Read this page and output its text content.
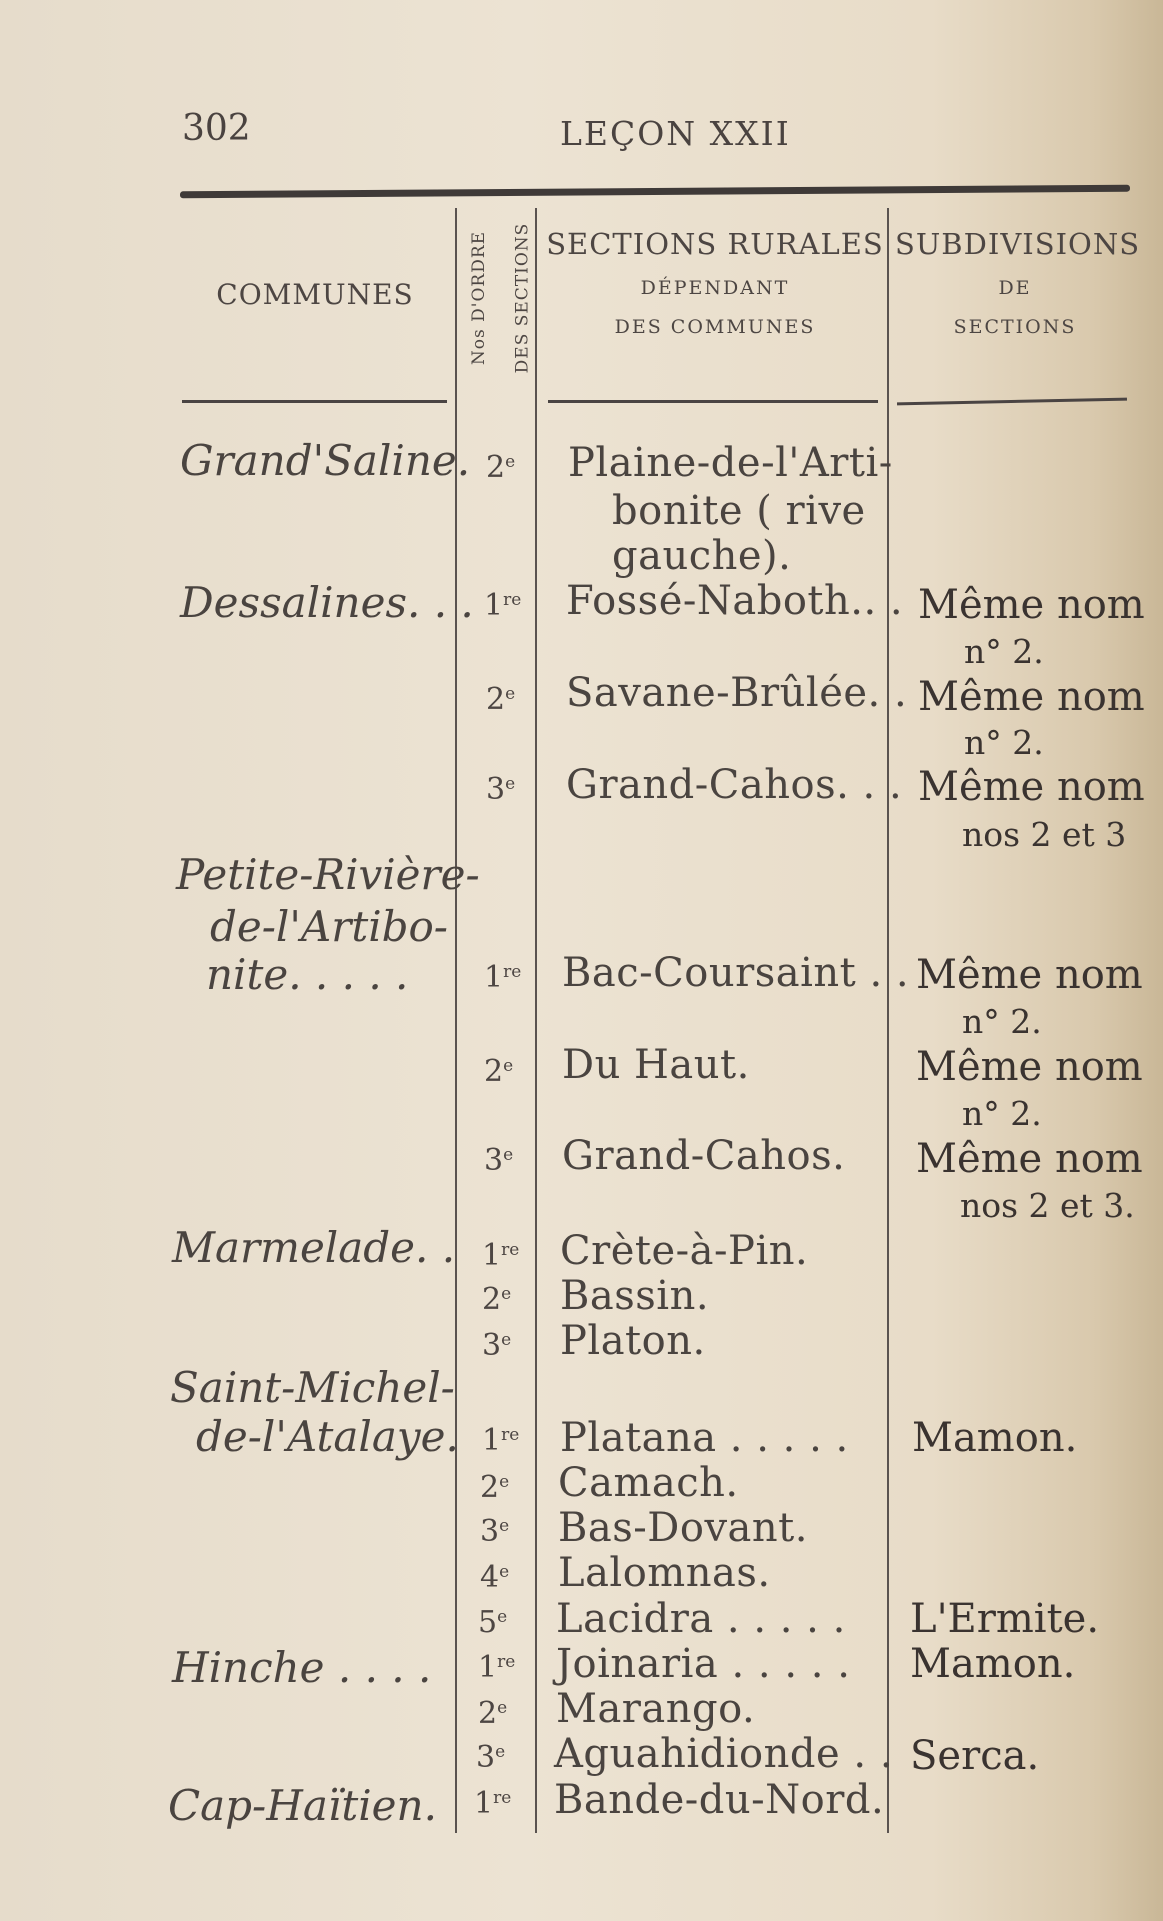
302	LEÇON XXII
COMMUNES	Nos D'ORDRE DES SECTIONS SECTIONS RURALES
DÉPENDANT
DES COMMUNES
SUBDIVISIONS
DE
SECTIONS
Grand'Saline.
Dessalines. . .
Petite-Rivière-
de-l'Artibo-
nite. . . . .
Marmelade. .
Saint-Michel-
de-l'Atalaye.
Hinche . . . .
Cap-Haïtien.
2e
1re
2e
3e
1re
2e
3e
1re
2e
3e
1re
2e
3e
4e
5e
1re
2e
3e
1re
Plaine-de-l'Arti-
bonite ( rive
gauche).
Fossé-Naboth.. .
Savane-Brûlée. .
Grand-Cahos. . .
Bac-Coursaint . .
Du Haut.
Grand-Cahos.
Crète-à-Pin.
Bassin.
Platon.
Platana . . . . .
Camach.
Bas-Dovant.
Lalomnas.
Lacidra . . . . .
Joinaria . . . . .
Marango.
Aguahidionde . .
Bande-du-Nord.
Même nom
n° 2.
Même nom
n° 2.
Même nom
nos 2 et 3
Même nom
n° 2.
Même nom
n° 2.
Même nom
nos 2 et 3.
Mamon.
L'Ermite.
Mamon.
Serca.
